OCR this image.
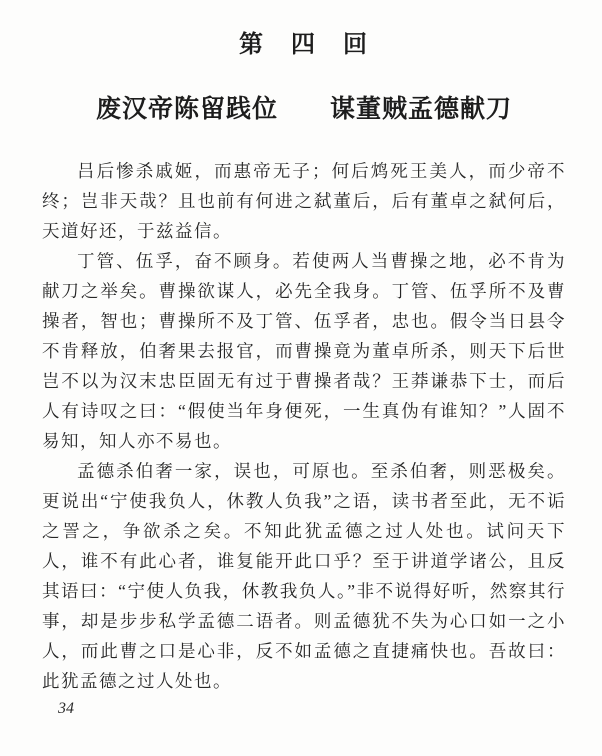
第　四　回
废汉帝陈留践位　　谋董贼孟德献刀

吕后惨杀戚姬，而惠帝无子；何后鸩死王美人，而少帝不终；岂非天哉？且也前有何进之弑董后，后有董卓之弑何后，天道好还，于兹益信。

丁管、伍孚，奋不顾身。若使两人当曹操之地，必不肯为献刀之举矣。曹操欲谋人，必先全我身。丁管、伍孚所不及曹操者，智也；曹操所不及丁管、伍孚者，忠也。假令当日县令不肯释放，伯奢果去报官，而曹操竟为董卓所杀，则天下后世岂不以为汉末忠臣固无有过于曹操者哉？王莽谦恭下士，而后人有诗叹之曰：“假使当年身便死，一生真伪有谁知？”人固不易知，知人亦不易也。

孟德杀伯奢一家，误也，可原也。至杀伯奢，则恶极矣。更说出“宁使我负人，休教人负我”之语，读书者至此，无不诟之詈之，争欲杀之矣。不知此犹孟德之过人处也。试问天下人，谁不有此心者，谁复能开此口乎？至于讲道学诸公，且反其语曰：“宁使人负我，休教我负人。”非不说得好听，然察其行事，却是步步私学孟德二语者。则孟德犹不失为心口如一之小人，而此曹之口是心非，反不如孟德之直捷痛快也。吾故曰：此犹孟德之过人处也。

34
